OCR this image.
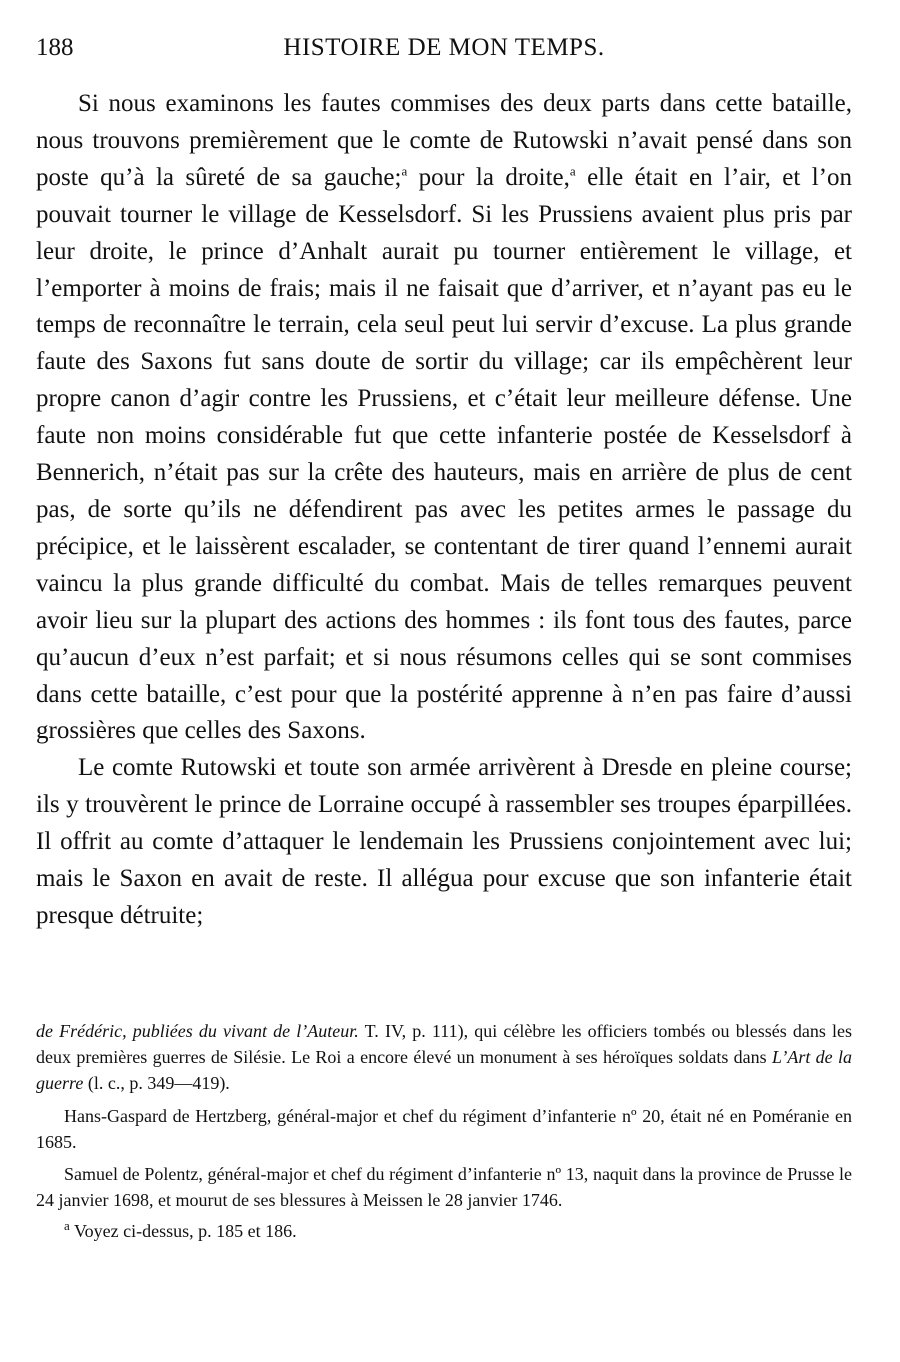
188	HISTOIRE DE MON TEMPS.

Si nous examinons les fautes commises des deux parts dans cette bataille, nous trouvons premièrement que le comte de Rutowski n’avait pensé dans son poste qu’à la sûreté de sa gauche;$^a$ pour la droite,$^a$ elle était en l’air, et l’on pouvait tourner le village de Kesselsdorf. Si les Prussiens avaient plus pris par leur droite, le prince d’Anhalt aurait pu tourner entièrement le village, et l’emporter à moins de frais; mais il ne faisait que d’arriver, et n’ayant pas eu le temps de reconnaître le terrain, cela seul peut lui servir d’excuse. La plus grande faute des Saxons fut sans doute de sortir du village; car ils empêchèrent leur propre canon d’agir contre les Prussiens, et c’était leur meilleure défense. Une faute non moins considérable fut que cette infanterie postée de Kesselsdorf à Bennerich, n’était pas sur la crête des hauteurs, mais en arrière de plus de cent pas, de sorte qu’ils ne défendirent pas avec les petites armes le passage du précipice, et le laissèrent escalader, se contentant de tirer quand l’ennemi aurait vaincu la plus grande difficulté du combat. Mais de telles remarques peuvent avoir lieu sur la plupart des actions des hommes : ils font tous des fautes, parce qu’aucun d’eux n’est parfait; et si nous résumons celles qui se sont commises dans cette bataille, c’est pour que la postérité apprenne à n’en pas faire d’aussi grossières que celles des Saxons.

Le comte Rutowski et toute son armée arrivèrent à Dresde en pleine course; ils y trouvèrent le prince de Lorraine occupé à rassembler ses troupes éparpillées. Il offrit au comte d’attaquer le lendemain les Prussiens conjointement avec lui; mais le Saxon en avait de reste. Il allégua pour excuse que son infanterie était presque détruite;

de Frédéric, publiées du vivant de l’Auteur. T. IV, p. 111), qui célèbre les officiers tombés ou blessés dans les deux premières guerres de Silésie. Le Roi a encore élevé un monument à ses héroïques soldats dans L’Art de la guerre (l. c., p. 349—419).

Hans-Gaspard de Hertzberg, général-major et chef du régiment d’infanterie nº 20, était né en Poméranie en 1685.

Samuel de Polentz, général-major et chef du régiment d’infanterie nº 13, naquit dans la province de Prusse le 24 janvier 1698, et mourut de ses blessures à Meissen le 28 janvier 1746.

$^a$ Voyez ci-dessus, p. 185 et 186.
